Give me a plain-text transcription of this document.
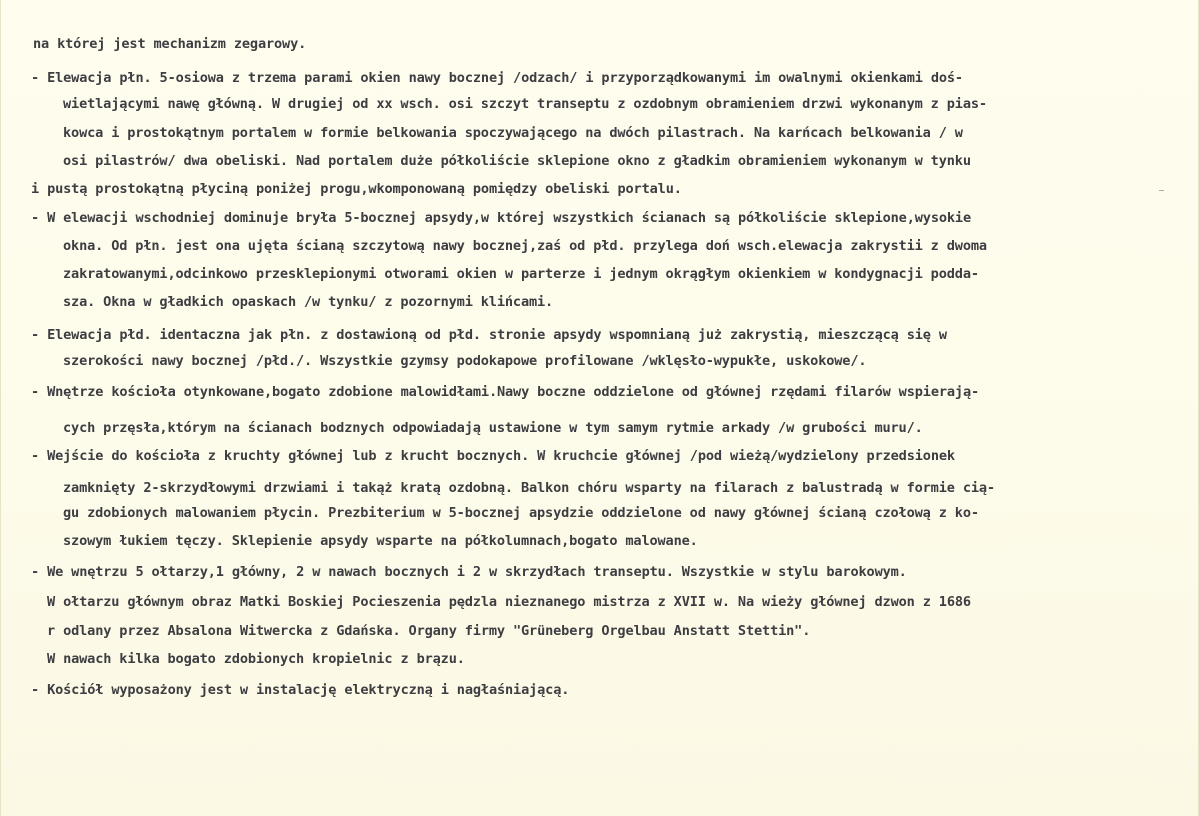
na której jest mechanizm zegarowy.
- Elewacja płn. 5-osiowa z trzema parami okien nawy bocznej /odzach/ i przyporządkowanymi im owalnymi okienkami doś-
wietlającymi nawę główną. W drugiej od xx wsch. osi szczyt transeptu z ozdobnym obramieniem drzwi wykonanym z pias-
kowca i prostokątnym portalem w formie belkowania spoczywającego na dwóch pilastrach. Na karńcach belkowania / w
osi pilastrów/ dwa obeliski. Nad portalem duże półkoliście sklepione okno z gładkim obramieniem wykonanym w tynku
i pustą prostokątną płyciną poniżej progu,wkomponowaną pomiędzy obeliski portalu.
- W elewacji wschodniej dominuje bryła 5-bocznej apsydy,w której wszystkich ścianach są półkoliście sklepione,wysokie
okna. Od płn. jest ona ujęta ścianą szczytową nawy bocznej,zaś od płd. przylega doń wsch.elewacja zakrystii z dwoma
zakratowanymi,odcinkowo przesklepionymi otworami okien w parterze i jednym okrągłym okienkiem w kondygnacji podda-
sza. Okna w gładkich opaskach /w tynku/ z pozornymi klińcami.
- Elewacja płd. identaczna jak płn. z dostawioną od płd. stronie apsydy wspomnianą już zakrystią, mieszczącą się w
szerokości nawy bocznej /płd./. Wszystkie gzymsy podokapowe profilowane /wklęsło-wypukłe, uskokowe/.
- Wnętrze kościoła otynkowane,bogato zdobione malowidłami.Nawy boczne oddzielone od głównej rzędami filarów wspierają-
cych przęsła,którym na ścianach bodznych odpowiadają ustawione w tym samym rytmie arkady /w grubości muru/.
- Wejście do kościoła z kruchty głównej lub z krucht bocznych. W kruchcie głównej /pod wieżą/wydzielony przedsionek
zamknięty 2-skrzydłowymi drzwiami i takąż kratą ozdobną. Balkon chóru wsparty na filarach z balustradą w formie cią-
gu zdobionych malowaniem płycin. Prezbiterium w 5-bocznej apsydzie oddzielone od nawy głównej ścianą czołową z ko-
szowym łukiem tęczy. Sklepienie apsydy wsparte na półkolumnach,bogato malowane.
- We wnętrzu 5 ołtarzy,1 główny, 2 w nawach bocznych i 2 w skrzydłach transeptu. Wszystkie w stylu barokowym.
W ołtarzu głównym obraz Matki Boskiej Pocieszenia pędzla nieznanego mistrza z XVII w. Na wieży głównej dzwon z 1686
r odlany przez Absalona Witwercka z Gdańska. Organy firmy "Grüneberg Orgelbau Anstatt Stettin".
W nawach kilka bogato zdobionych kropielnic z brązu.
- Kościół wyposażony jest w instalację elektryczną i nagłaśniającą.
